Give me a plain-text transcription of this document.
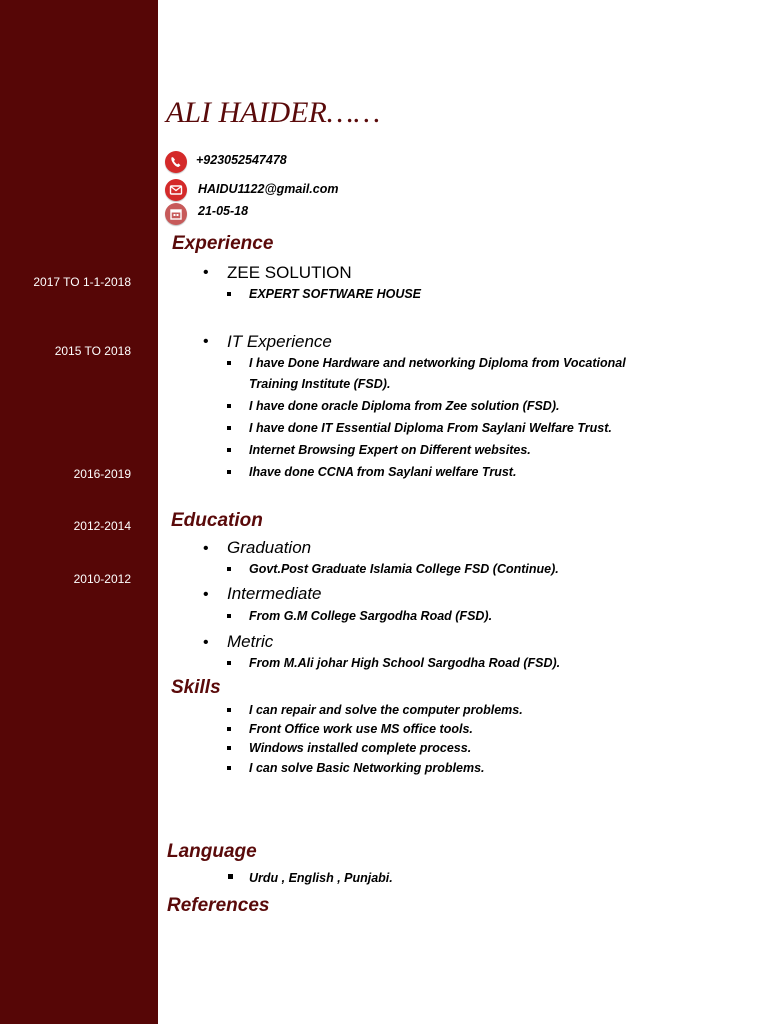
2017 TO 1-1-2018
2015 TO 2018
2016-2019
2012-2014
2010-2012
ALI HAIDER……
+923052547478
HAIDU1122@gmail.com
21-05-18
Experience
• ZEE SOLUTION
EXPERT SOFTWARE HOUSE
• IT Experience
I have Done Hardware and networking Diploma from Vocational
Training Institute (FSD).
I have done oracle Diploma from Zee solution (FSD).
I have done IT Essential Diploma From Saylani Welfare Trust.
Internet Browsing Expert on Different websites.
Ihave done CCNA from Saylani welfare Trust.
Education
• Graduation
Govt.Post Graduate Islamia College FSD (Continue).
• Intermediate
From G.M College Sargodha Road (FSD).
• Metric
From M.Ali johar High School Sargodha Road (FSD).
Skills
I can repair and solve the computer problems.
Front Office work use MS office tools.
Windows installed complete process.
I can solve Basic Networking problems.
Language
Urdu , English , Punjabi.
References
